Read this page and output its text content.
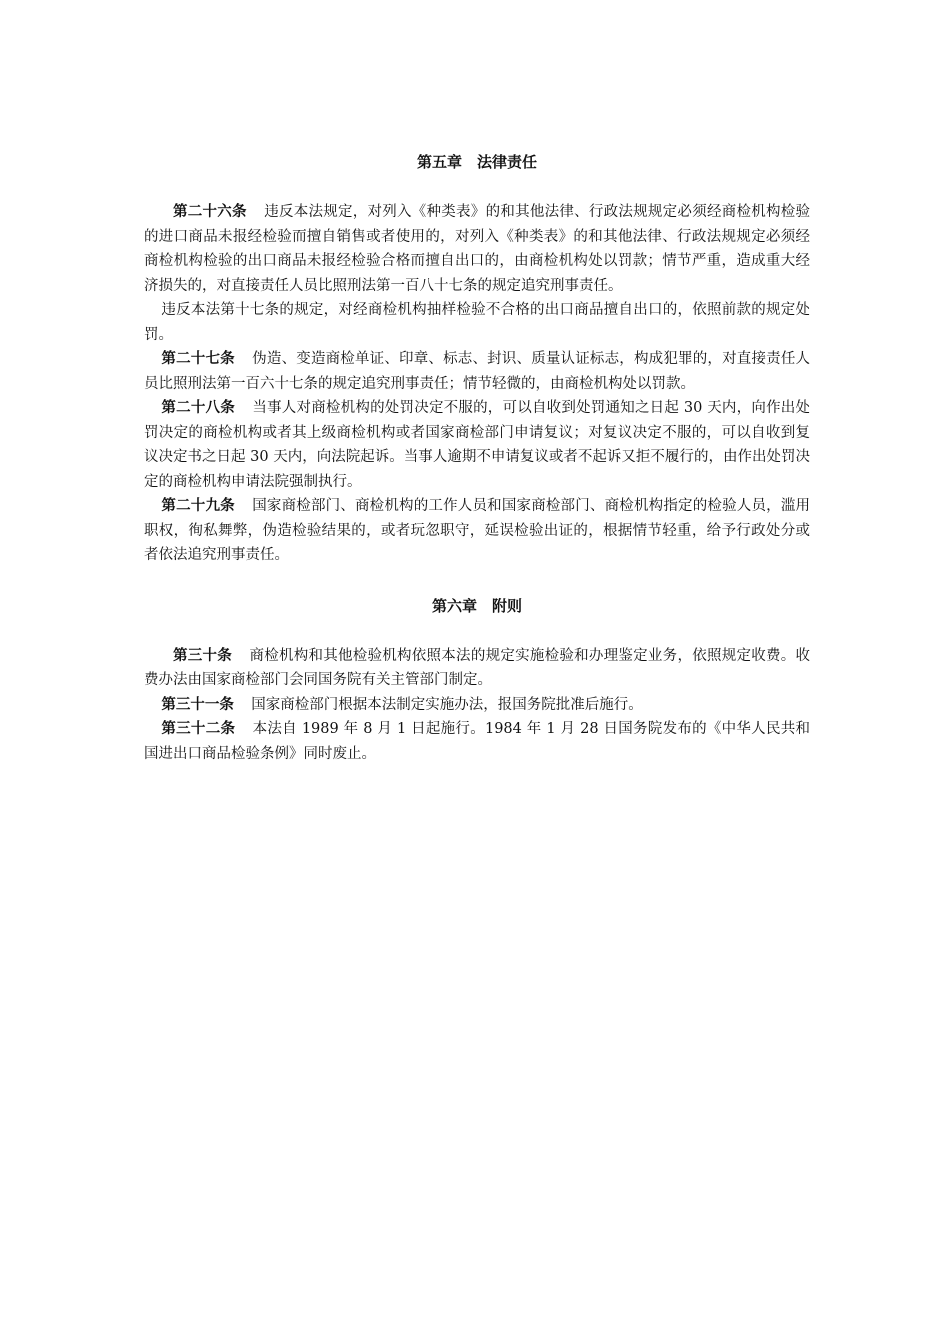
第五章　法律责任

第二十六条 违反本法规定，对列入《种类表》的和其他法律、行政法规规定必须经商检机构检验的进口商品未报经检验而擅自销售或者使用的，对列入《种类表》的和其他法律、行政法规规定必须经商检机构检验的出口商品未报经检验合格而擅自出口的，由商检机构处以罚款；情节严重，造成重大经济损失的，对直接责任人员比照刑法第一百八十七条的规定追究刑事责任。

违反本法第十七条的规定，对经商检机构抽样检验不合格的出口商品擅自出口的，依照前款的规定处罚。

第二十七条 伪造、变造商检单证、印章、标志、封识、质量认证标志，构成犯罪的，对直接责任人员比照刑法第一百六十七条的规定追究刑事责任；情节轻微的，由商检机构处以罚款。

第二十八条 当事人对商检机构的处罚决定不服的，可以自收到处罚通知之日起 30 天内，向作出处罚决定的商检机构或者其上级商检机构或者国家商检部门申请复议；对复议决定不服的，可以自收到复议决定书之日起 30 天内，向法院起诉。当事人逾期不申请复议或者不起诉又拒不履行的，由作出处罚决定的商检机构申请法院强制执行。

第二十九条 国家商检部门、商检机构的工作人员和国家商检部门、商检机构指定的检验人员，滥用职权，徇私舞弊，伪造检验结果的，或者玩忽职守，延误检验出证的，根据情节轻重，给予行政处分或者依法追究刑事责任。

第六章　附则

第三十条 商检机构和其他检验机构依照本法的规定实施检验和办理鉴定业务，依照规定收费。收费办法由国家商检部门会同国务院有关主管部门制定。

第三十一条 国家商检部门根据本法制定实施办法，报国务院批准后施行。

第三十二条 本法自 1989 年 8 月 1 日起施行。1984 年 1 月 28 日国务院发布的《中华人民共和国进出口商品检验条例》同时废止。
